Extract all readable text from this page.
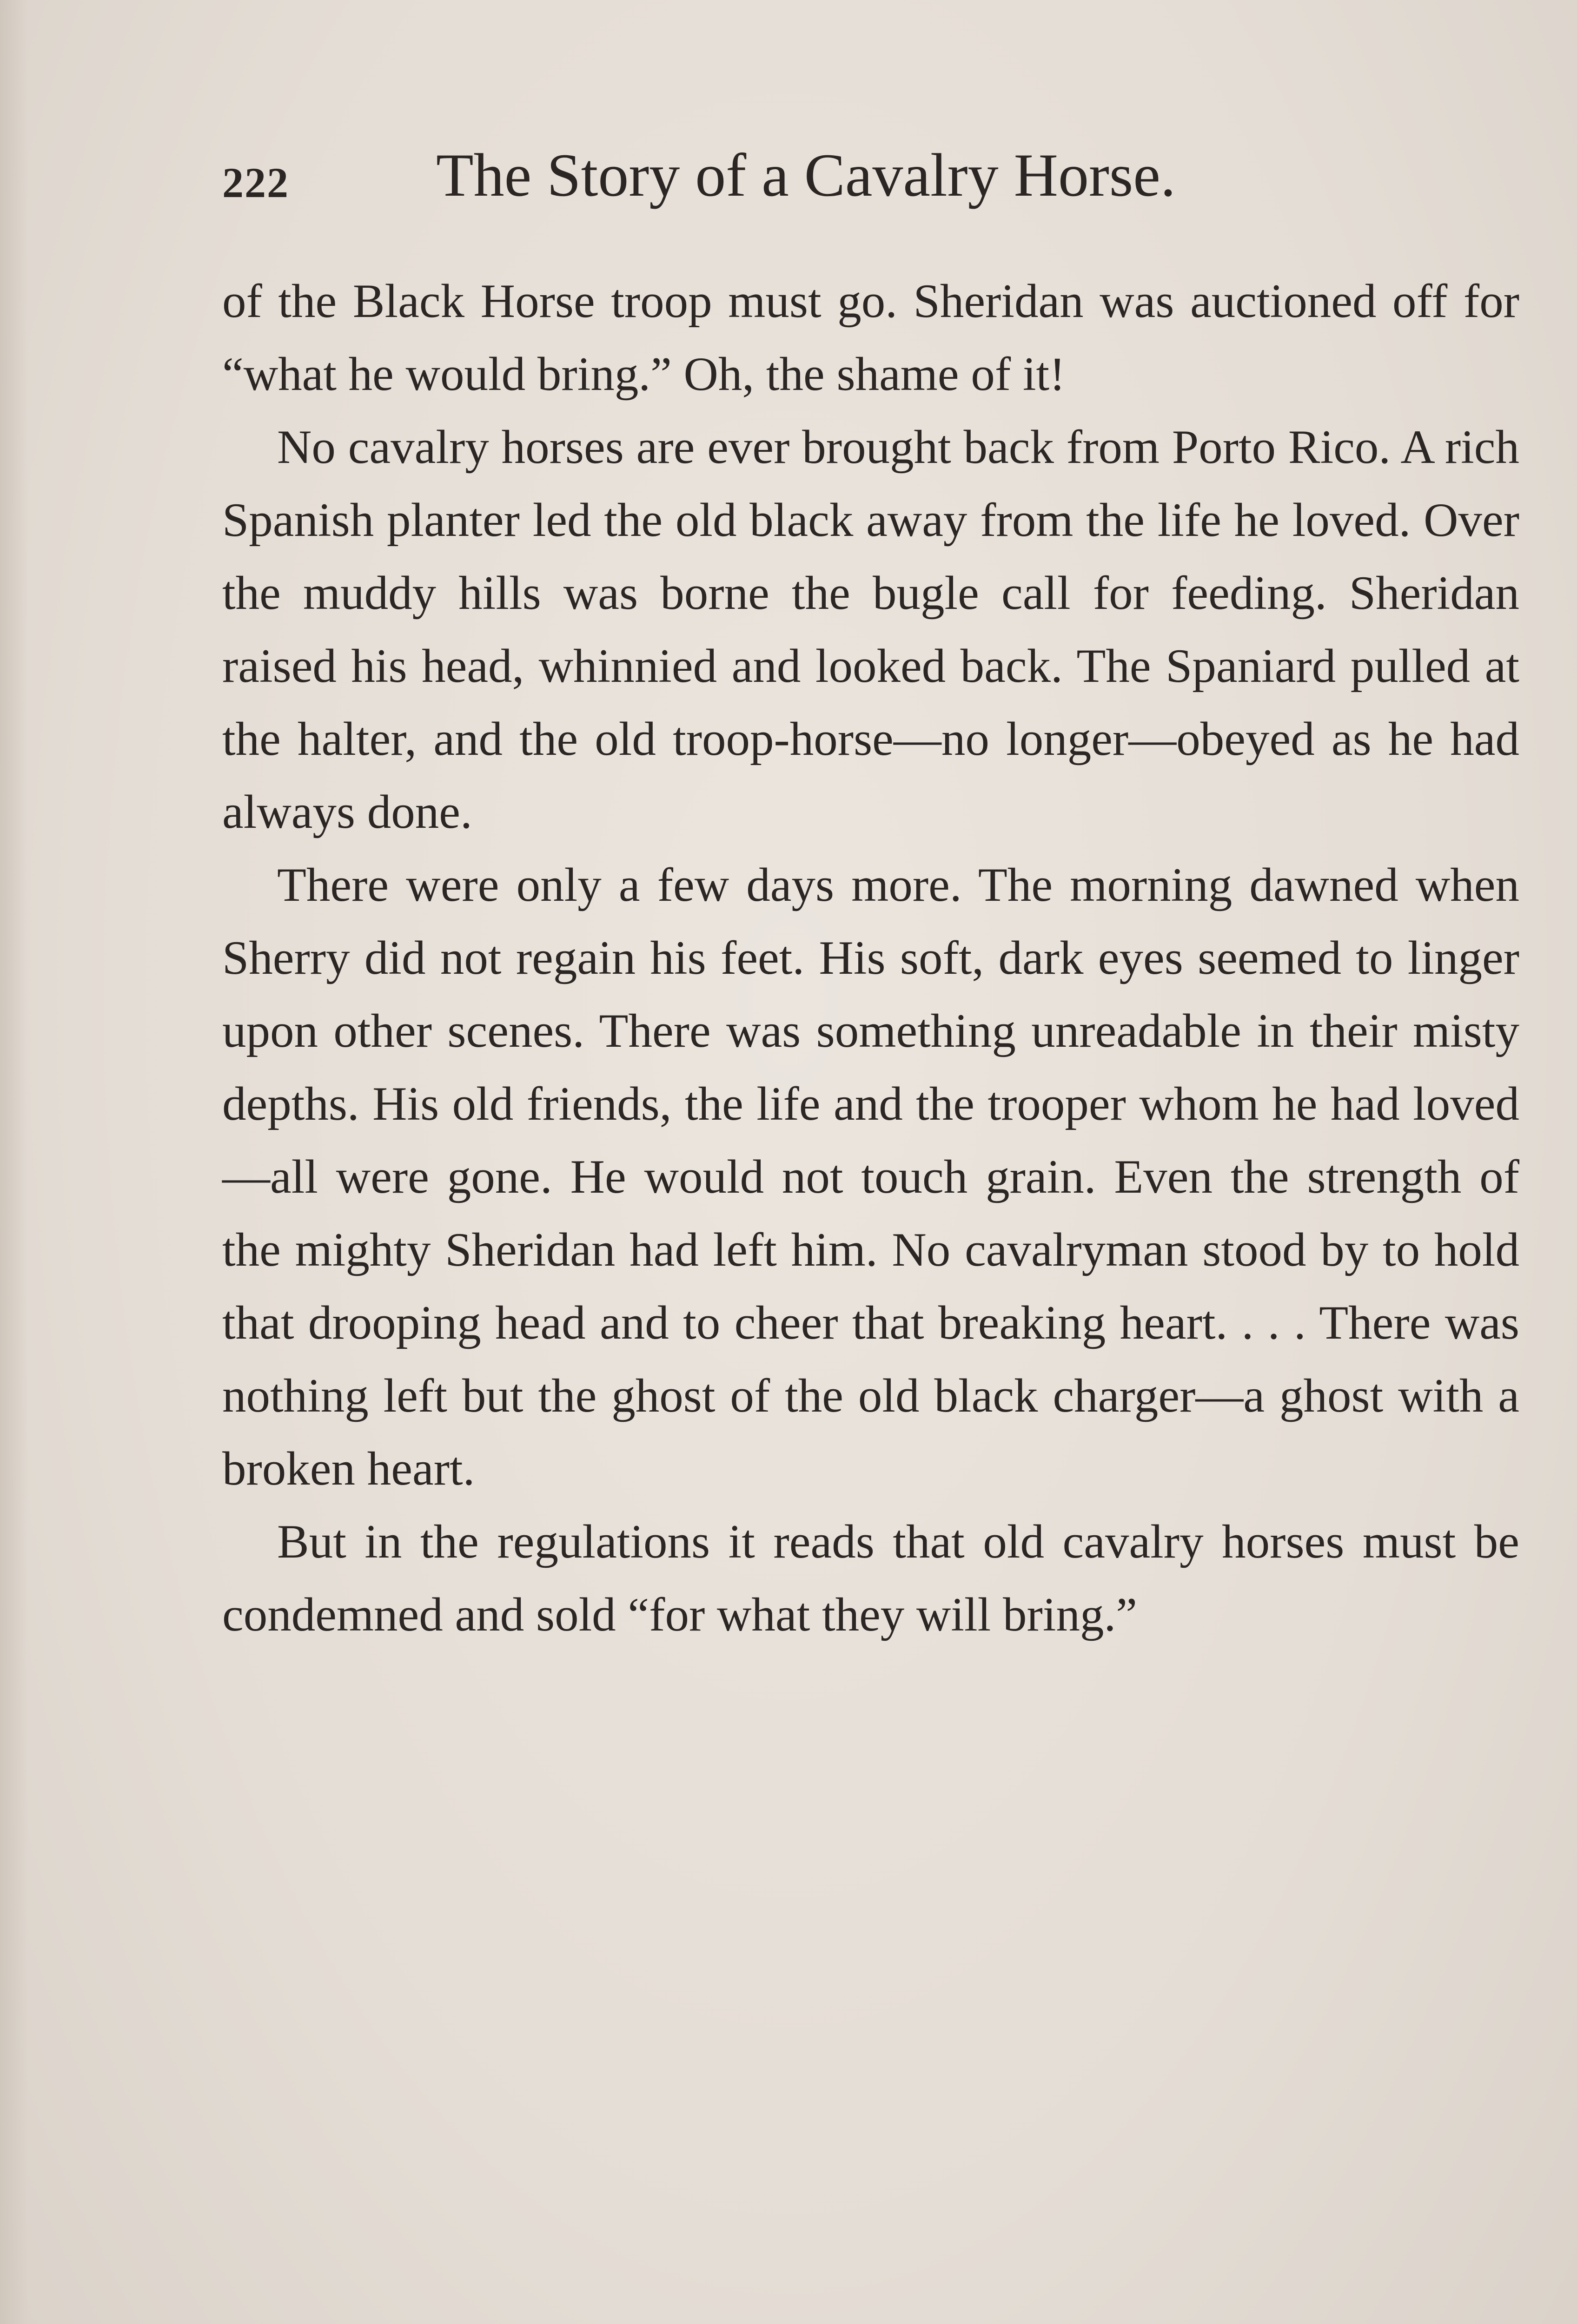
222 The Story of a Cavalry Horse.

of the Black Horse troop must go. Sheridan was auctioned off for “what he would bring.” Oh, the shame of it!

No cavalry horses are ever brought back from Porto Rico. A rich Spanish planter led the old black away from the life he loved. Over the muddy hills was borne the bugle call for feeding. Sheridan raised his head, whinnied and looked back. The Spaniard pulled at the halter, and the old troop-horse—no longer—obeyed as he had always done.

There were only a few days more. The morning dawned when Sherry did not regain his feet. His soft, dark eyes seemed to linger upon other scenes. There was something unreadable in their misty depths. His old friends, the life and the trooper whom he had loved—all were gone. He would not touch grain. Even the strength of the mighty Sheridan had left him. No cavalryman stood by to hold that drooping head and to cheer that breaking heart. . . . There was nothing left but the ghost of the old black charger—a ghost with a broken heart.

But in the regulations it reads that old cavalry horses must be condemned and sold “for what they will bring.”
